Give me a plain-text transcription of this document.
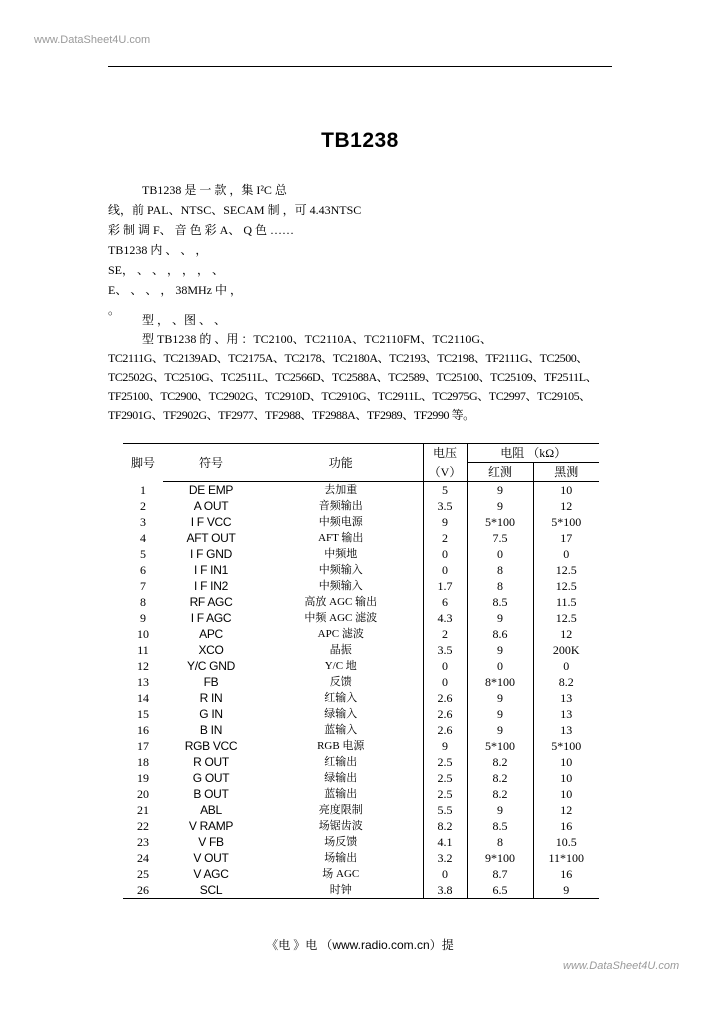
www.DataSheet4U.com
TB1238
TB1238 是 一 款 ，集 I²C 总
线，前 PAL、NTSC、SECAM 制 ，可 4.43NTSC
彩 制 调 F、 音 色 彩 A、 Q 色 ……
TB1238 内 、 、 ，
SE， 、 、 ， ， ， 、
E、 、 、 ， 38MHz 中 ，
。
型 ， 、图 、 、
型 TB1238 的 、用 ：TC2100、TC2110A、TC2110FM、TC2110G、
TC2111G、TC2139AD、TC2175A、TC2178、TC2180A、TC2193、TC2198、TF2111G、TC2500、
TC2502G、TC2510G、TC2511L、TC2566D、TC2588A、TC2589、TC25100、TC25109、TF2511L、
TF25100、TC2900、TC2902G、TC2910D、TC2910G、TC2911L、TC2975G、TC2997、TC29105、
TF2901G、TF2902G、TF2977、TF2988、TF2988A、TF2989、TF2990 等。
脚号	符号	功能	电压	电阻 （kΩ）	
			（V）	红测	黑测
1	DE EMP	去加重	5	9	10
2	A OUT	音频输出	3.5	9	12
3	I F VCC	中频电源	9	5*100	5*100
4	AFT OUT	AFT 输出	2	7.5	17
5	I F GND	中频地	0	0	0
6	I F IN1	中频输入	0	8	12.5
7	I F IN2	中频输入	1.7	8	12.5
8	RF AGC	高放 AGC 输出	6	8.5	11.5
9	I F AGC	中频 AGC 滤波	4.3	9	12.5
10	APC	APC 滤波	2	8.6	12
11	XCO	晶振	3.5	9	200K
12	Y/C GND	Y/C 地	0	0	0
13	FB	反馈	0	8*100	8.2
14	R IN	红输入	2.6	9	13
15	G IN	绿输入	2.6	9	13
16	B IN	蓝输入	2.6	9	13
17	RGB VCC	RGB 电源	9	5*100	5*100
18	R OUT	红输出	2.5	8.2	10
19	G OUT	绿输出	2.5	8.2	10
20	B OUT	蓝输出	2.5	8.2	10
21	ABL	亮度限制	5.5	9	12
22	V RAMP	场锯齿波	8.2	8.5	16
23	V FB	场反馈	4.1	8	10.5
24	V OUT	场输出	3.2	9*100	11*100
25	V AGC	场 AGC	0	8.7	16
26	SCL	时钟	3.8	6.5	9
《电 》电 （www.radio.com.cn）提
www.DataSheet4U.com
